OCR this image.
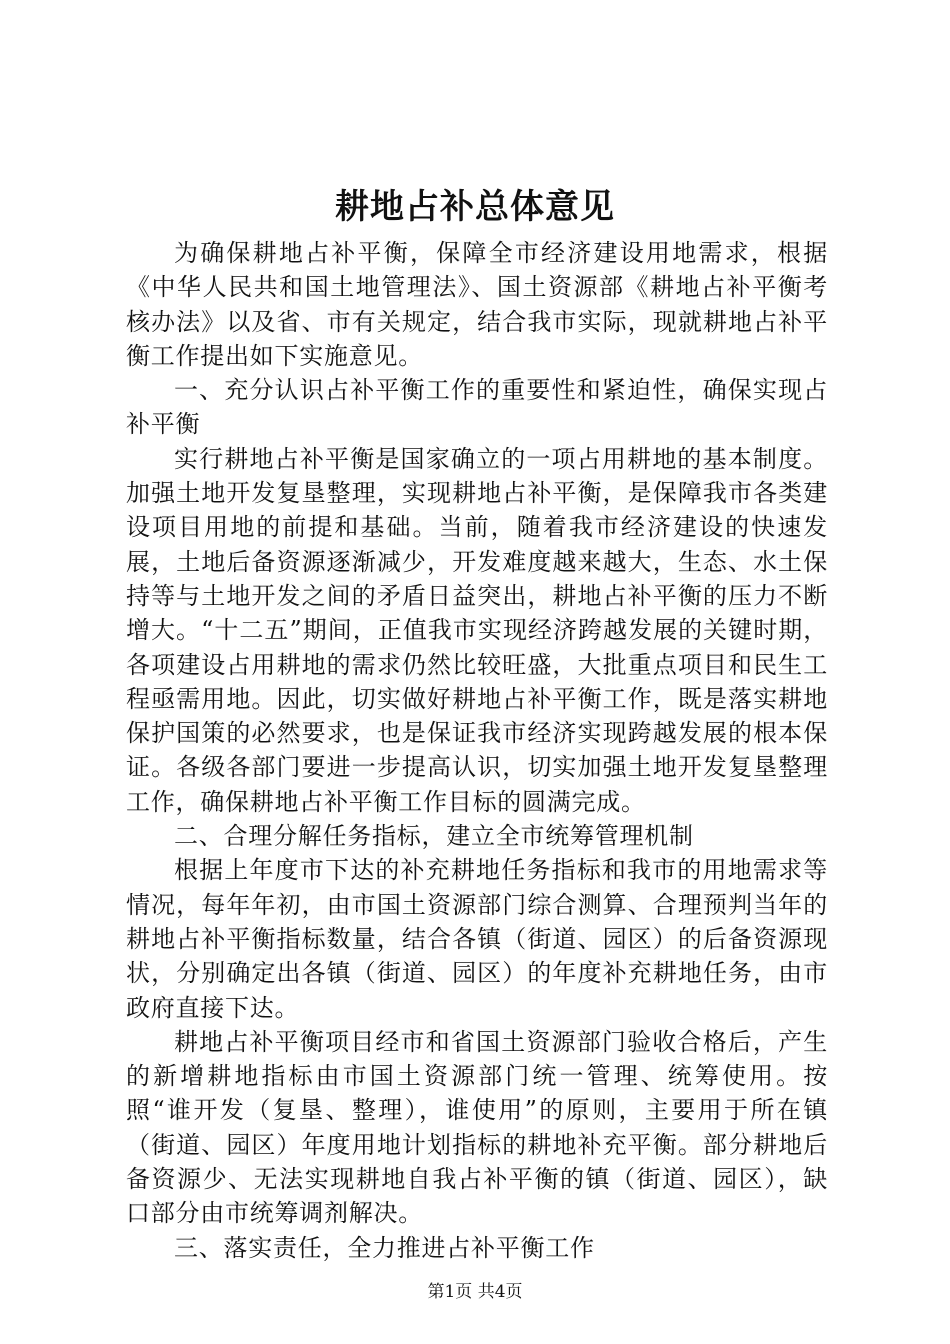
耕地占补总体意见

为确保耕地占补平衡，保障全市经济建设用地需求，根据《中华人民共和国土地管理法》、国土资源部《耕地占补平衡考核办法》以及省、市有关规定，结合我市实际，现就耕地占补平衡工作提出如下实施意见。

一、充分认识占补平衡工作的重要性和紧迫性，确保实现占补平衡

实行耕地占补平衡是国家确立的一项占用耕地的基本制度。加强土地开发复垦整理，实现耕地占补平衡，是保障我市各类建设项目用地的前提和基础。当前，随着我市经济建设的快速发展，土地后备资源逐渐减少，开发难度越来越大，生态、水土保持等与土地开发之间的矛盾日益突出，耕地占补平衡的压力不断增大。“十二五”期间，正值我市实现经济跨越发展的关键时期，各项建设占用耕地的需求仍然比较旺盛，大批重点项目和民生工程亟需用地。因此，切实做好耕地占补平衡工作，既是落实耕地保护国策的必然要求，也是保证我市经济实现跨越发展的根本保证。各级各部门要进一步提高认识，切实加强土地开发复垦整理工作，确保耕地占补平衡工作目标的圆满完成。

二、合理分解任务指标，建立全市统筹管理机制

根据上年度市下达的补充耕地任务指标和我市的用地需求等情况，每年年初，由市国土资源部门综合测算、合理预判当年的耕地占补平衡指标数量，结合各镇（街道、园区）的后备资源现状，分别确定出各镇（街道、园区）的年度补充耕地任务，由市政府直接下达。

耕地占补平衡项目经市和省国土资源部门验收合格后，产生的新增耕地指标由市国土资源部门统一管理、统筹使用。按照“谁开发（复垦、整理），谁使用”的原则，主要用于所在镇（街道、园区）年度用地计划指标的耕地补充平衡。部分耕地后备资源少、无法实现耕地自我占补平衡的镇（街道、园区），缺口部分由市统筹调剂解决。

三、落实责任，全力推进占补平衡工作

第1页 共4页
